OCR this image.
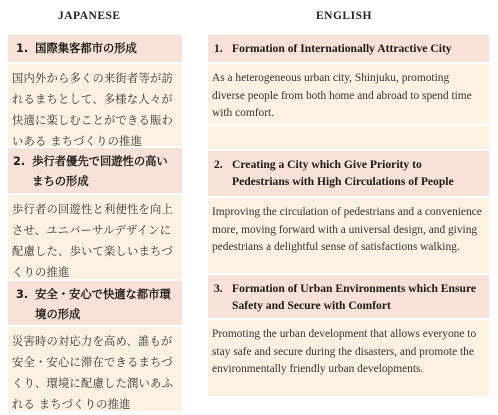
JAPANESE	ENGLISH
1. 国際集客都市の形成
国内外から多くの来街者等が訪れるまちとして、多様な人々が快適に楽しむことができる賑わいある まちづくりの推進
2. 歩行者優先で回遊性の高いまちの形成
歩行者の回遊性と利便性を向上させ、ユニバーサルデザインに配慮した、歩いて楽しいまちづくりの推進
3. 安全・安心で快適な都市環境の形成
災害時の対応力を高め、誰もが安全・安心に滞在できるまちづくり、環境に配慮した潤いあふれる まちづくりの推進
1. Formation of Internationally Attractive City
As a heterogeneous urban city, Shinjuku, promoting diverse people from both home and abroad to spend time with comfort.
2. Creating a City which Give Priority to Pedestrians with High Circulations of People
Improving the circulation of pedestrians and a convenience more, moving forward with a universal design, and giving pedestrians a delightful sense of satisfactions walking.
3. Formation of Urban Environments which Ensure Safety and Secure with Comfort
Promoting the urban development that allows everyone to stay safe and secure during the disasters, and promote the environmentally friendly urban developments.
